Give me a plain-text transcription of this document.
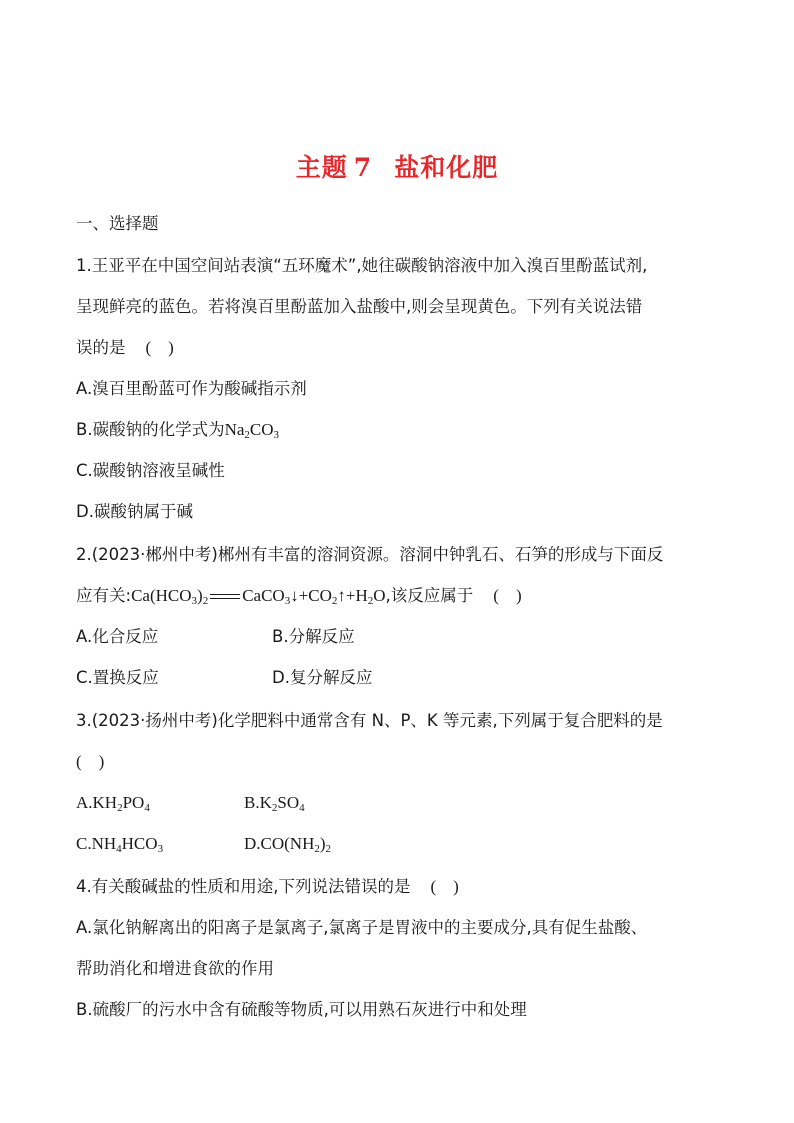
主题 7 盐和化肥
一、选择题
1.王亚平在中国空间站表演“五环魔术”,她往碳酸钠溶液中加入溴百里酚蓝试剂,
呈现鲜亮的蓝色。若将溴百里酚蓝加入盐酸中,则会呈现黄色。下列有关说法错
误的是 (    )
A.溴百里酚蓝可作为酸碱指示剂
B.碳酸钠的化学式为$Na_2CO_3$
C.碳酸钠溶液呈碱性
D.碳酸钠属于碱
2.(2023·郴州中考)郴州有丰富的溶洞资源。溶洞中钟乳石、石笋的形成与下面反
应有关$:Ca(HCO_3)_2$ $CaCO_3↓+CO_2↑+H_2O$,该反应属于 (    )
A.化合反应	B.分解反应
C.置换反应	D.复分解反应
3.(2023·扬州中考)化学肥料中通常含有 N、P、K 等元素,下列属于复合肥料的是
(    )
$A.KH_2PO_4$	$B.K_2SO_4$
$C.NH_4HCO_3$	$D.CO(NH_2)_2$
4.有关酸碱盐的性质和用途,下列说法错误的是 (    )
A.氯化钠解离出的阳离子是氯离子,氯离子是胃液中的主要成分,具有促生盐酸、
帮助消化和增进食欲的作用
B.硫酸厂的污水中含有硫酸等物质,可以用熟石灰进行中和处理
